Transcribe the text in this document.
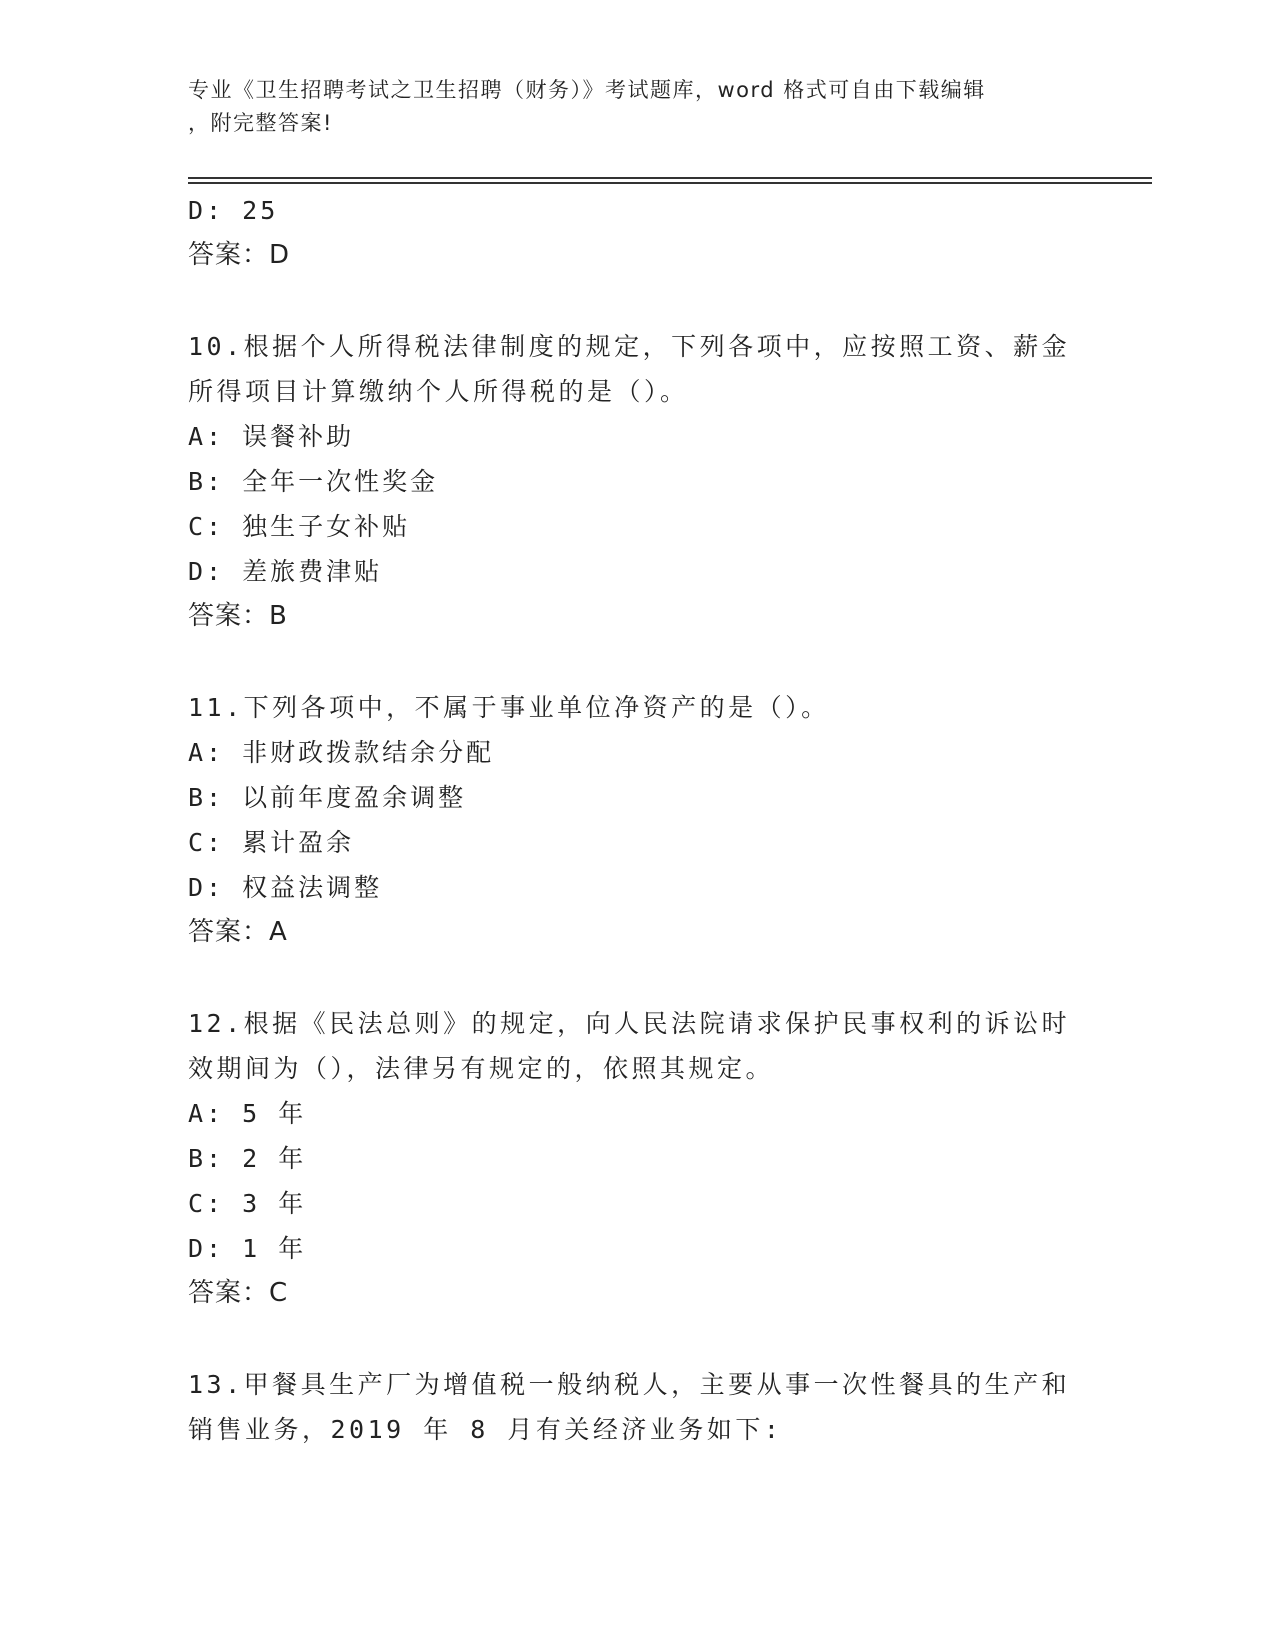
专业《卫生招聘考试之卫生招聘（财务）》考试题库，word 格式可自由下载编辑
，附完整答案!
D: 25
答案：D
10.根据个人所得税法律制度的规定，下列各项中，应按照工资、薪金
所得项目计算缴纳个人所得税的是（）。
A: 误餐补助
B: 全年一次性奖金
C: 独生子女补贴
D: 差旅费津贴
答案：B
11.下列各项中，不属于事业单位净资产的是（）。
A: 非财政拨款结余分配
B: 以前年度盈余调整
C: 累计盈余
D: 权益法调整
答案：A
12.根据《民法总则》的规定，向人民法院请求保护民事权利的诉讼时
效期间为（），法律另有规定的，依照其规定。
A: 5 年
B: 2 年
C: 3 年
D: 1 年
答案：C
13.甲餐具生产厂为增值税一般纳税人，主要从事一次性餐具的生产和
销售业务，2019 年 8 月有关经济业务如下:
